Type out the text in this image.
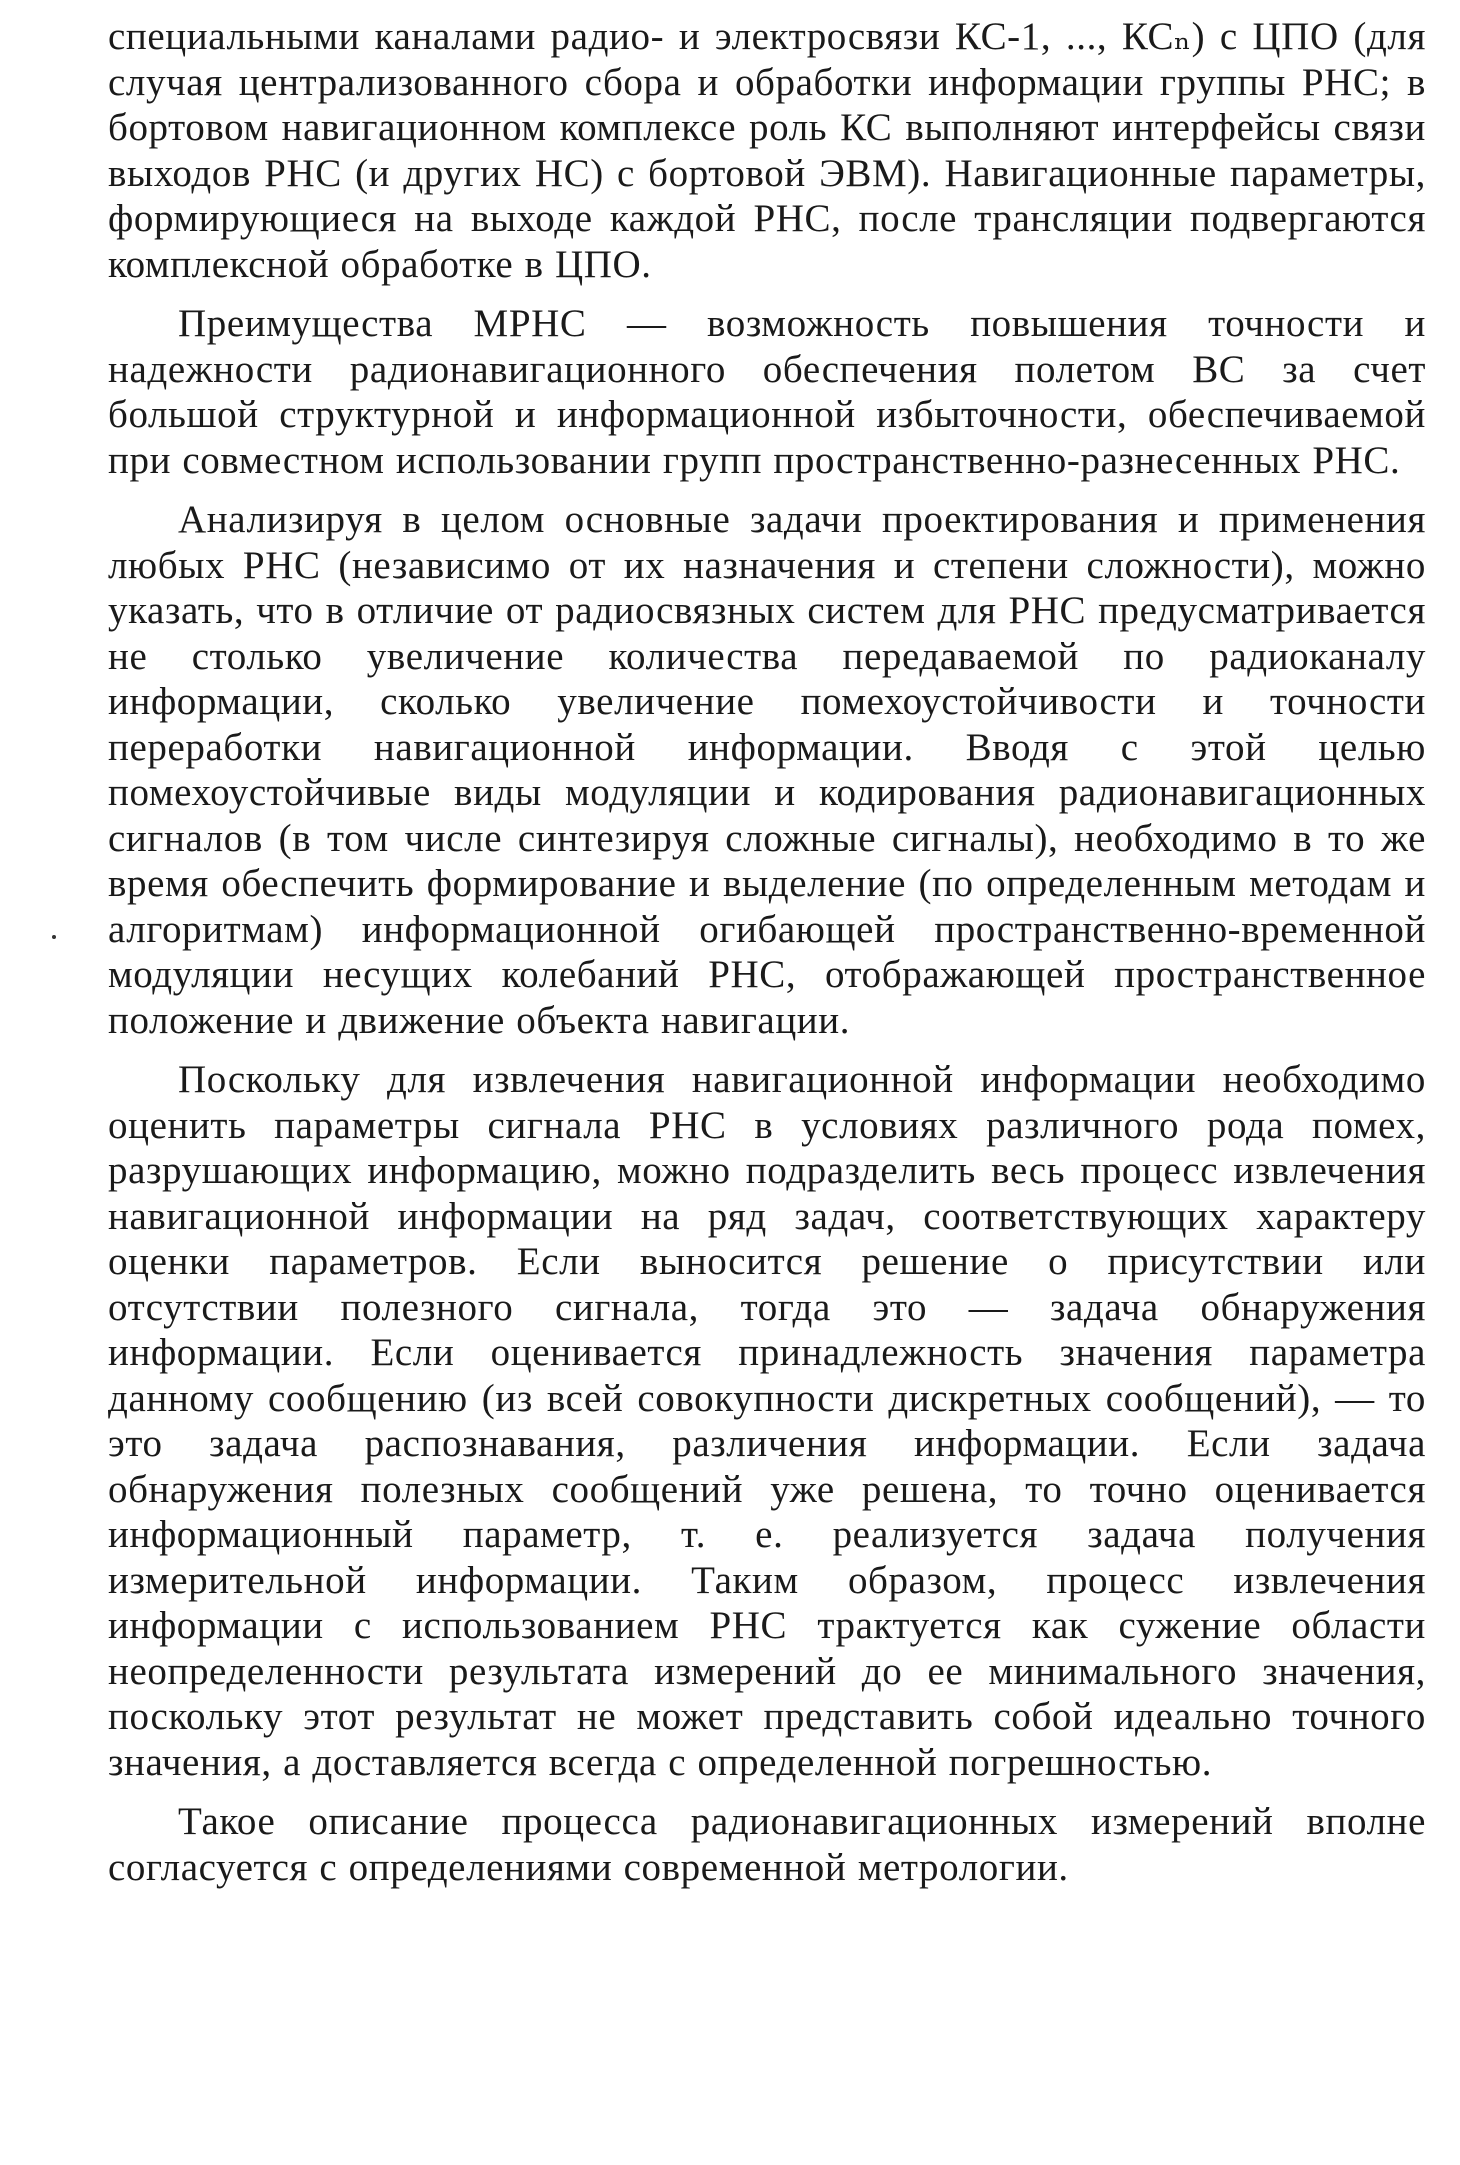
специальными каналами радио- и электросвязи КС-1, ..., КСₙ) с ЦПО (для случая централизованного сбора и обработки информации группы РНС; в бортовом навигационном комплексе роль КС выполняют интерфейсы связи выходов РНС (и других НС) с бортовой ЭВМ). Навигационные параметры, формирующиеся на выходе каждой РНС, после трансляции подвергаются комплексной обработке в ЦПО.

Преимущества МРНС — возможность повышения точности и надежности радионавигационного обеспечения полетом ВС за счет большой структурной и информационной избыточности, обеспечиваемой при совместном использовании групп пространственно-разнесенных РНС.

Анализируя в целом основные задачи проектирования и применения любых РНС (независимо от их назначения и степени сложности), можно указать, что в отличие от радиосвязных систем для РНС предусматривается не столько увеличение количества передаваемой по радиоканалу информации, сколько увеличение помехоустойчивости и точности переработки навигационной информации. Вводя с этой целью помехоустойчивые виды модуляции и кодирования радионавигационных сигналов (в том числе синтезируя сложные сигналы), необходимо в то же время обеспечить формирование и выделение (по определенным методам и алгоритмам) информационной огибающей пространственно-временной модуляции несущих колебаний РНС, отображающей пространственное положение и движение объекта навигации.

Поскольку для извлечения навигационной информации необходимо оценить параметры сигнала РНС в условиях различного рода помех, разрушающих информацию, можно подразделить весь процесс извлечения навигационной информации на ряд задач, соответствующих характеру оценки параметров. Если выносится решение о присутствии или отсутствии полезного сигнала, тогда это — задача обнаружения информации. Если оценивается принадлежность значения параметра данному сообщению (из всей совокупности дискретных сообщений), — то это задача распознавания, различения информации. Если задача обнаружения полезных сообщений уже решена, то точно оценивается информационный параметр, т. е. реализуется задача получения измерительной информации. Таким образом, процесс извлечения информации с использованием РНС трактуется как сужение области неопределенности результата измерений до ее минимального значения, поскольку этот результат не может представить собой идеально точного значения, а доставляется всегда с определенной погрешностью.

Такое описание процесса радионавигационных измерений вполне согласуется с определениями современной метрологии.
